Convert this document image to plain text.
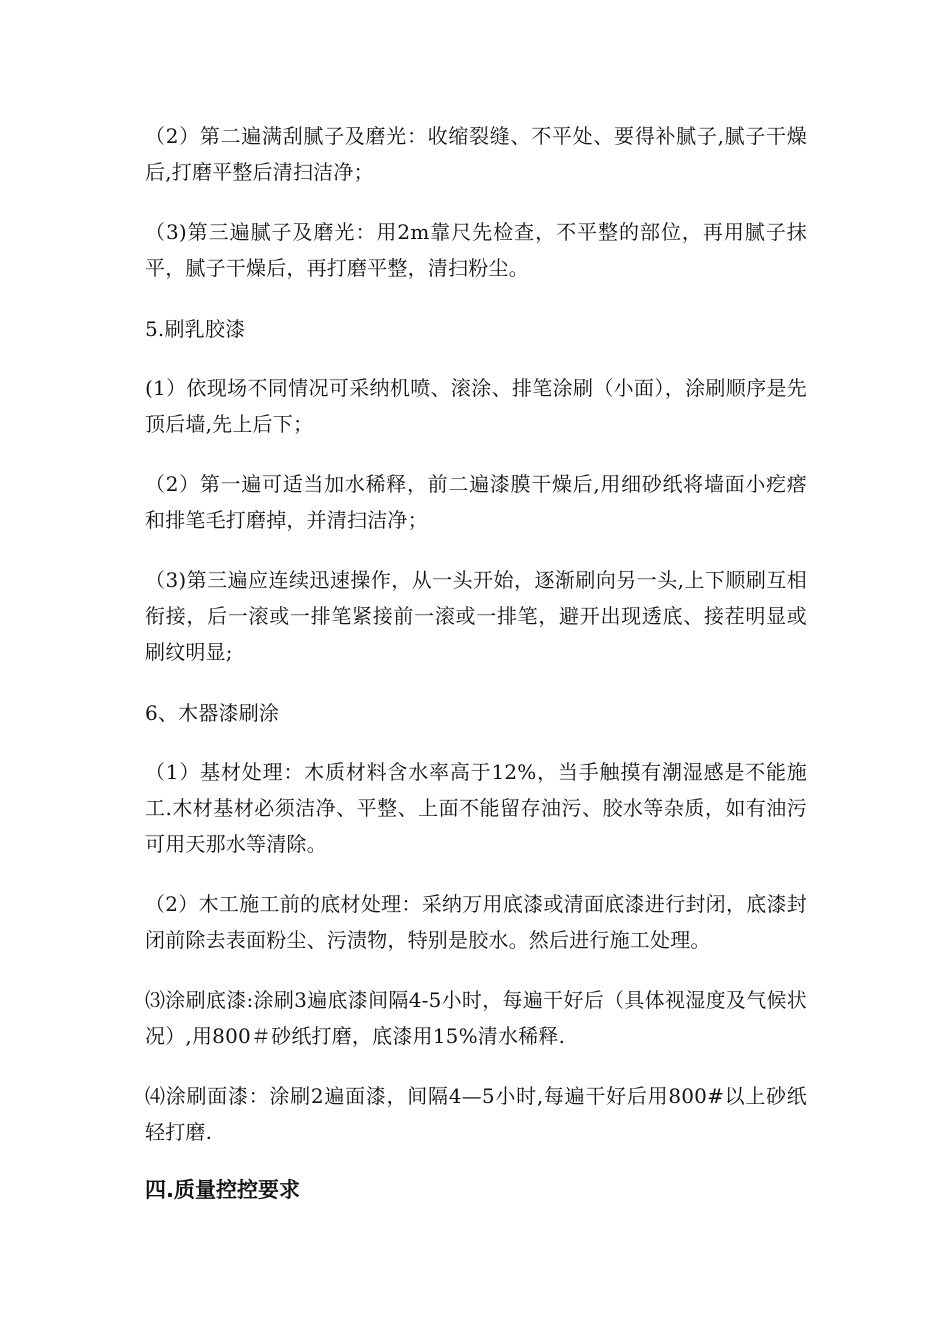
（2）第二遍满刮腻子及磨光：收缩裂缝、不平处、要得补腻子,腻子干燥后,打磨平整后清扫洁净；

（3)第三遍腻子及磨光：用2m靠尺先检查，不平整的部位，再用腻子抹平，腻子干燥后，再打磨平整，清扫粉尘。

5.刷乳胶漆

(1）依现场不同情况可采纳机喷、滚涂、排笔涂刷（小面），涂刷顺序是先顶后墙,先上后下；

（2）第一遍可适当加水稀释，前二遍漆膜干燥后,用细砂纸将墙面小疙瘩和排笔毛打磨掉，并清扫洁净；

（3)第三遍应连续迅速操作，从一头开始，逐渐刷向另一头,上下顺刷互相衔接，后一滚或一排笔紧接前一滚或一排笔，避开出现透底、接茬明显或刷纹明显;

6、木器漆刷涂

（1）基材处理：木质材料含水率高于12%，当手触摸有潮湿感是不能施工.木材基材必须洁净、平整、上面不能留存油污、胶水等杂质，如有油污可用天那水等清除。

（2）木工施工前的底材处理：采纳万用底漆或清面底漆进行封闭，底漆封闭前除去表面粉尘、污渍物，特别是胶水。然后进行施工处理。

⑶涂刷底漆:涂刷3遍底漆间隔4-5小时，每遍干好后（具体视湿度及气候状况）,用800＃砂纸打磨，底漆用15%清水稀释.

⑷涂刷面漆：涂刷2遍面漆，间隔4—5小时,每遍干好后用800#以上砂纸轻打磨.

四.质量控控要求
